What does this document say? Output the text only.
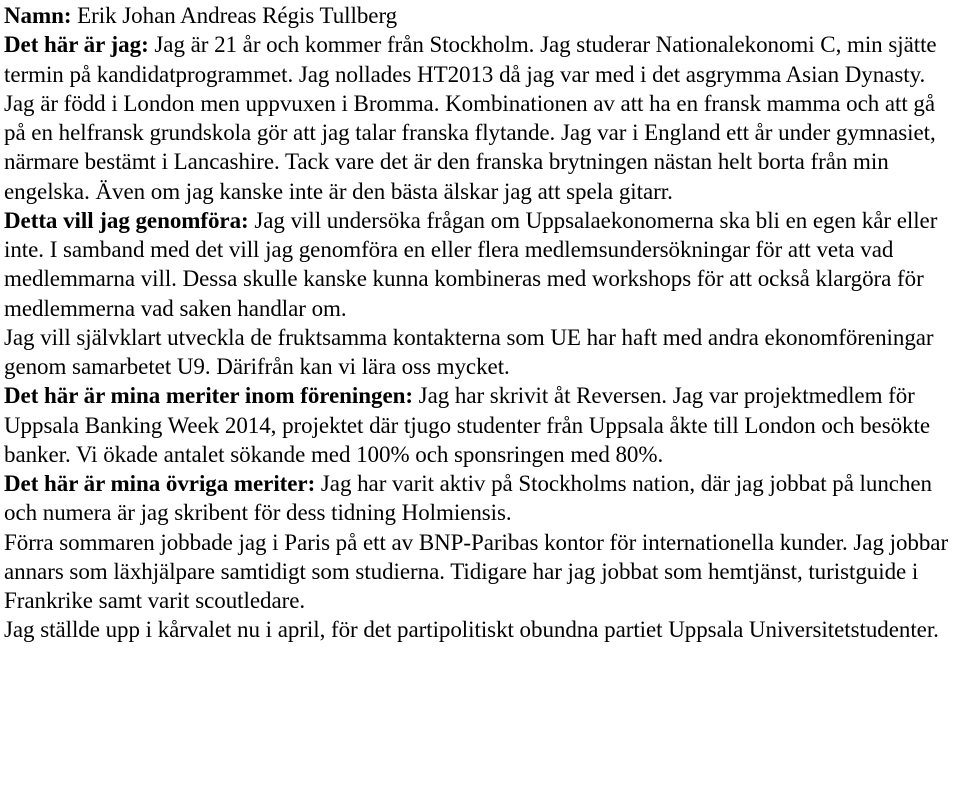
Namn: Erik Johan Andreas Régis Tullberg

Det här är jag: Jag är 21 år och kommer från Stockholm. Jag studerar Nationalekonomi C, min sjätte termin på kandidatprogrammet. Jag nollades HT2013 då jag var med i det asgrymma Asian Dynasty. Jag är född i London men uppvuxen i Bromma. Kombinationen av att ha en fransk mamma och att gå på en helfransk grundskola gör att jag talar franska flytande. Jag var i England ett år under gymnasiet, närmare bestämt i Lancashire. Tack vare det är den franska brytningen nästan helt borta från min engelska. Även om jag kanske inte är den bästa älskar jag att spela gitarr.

Detta vill jag genomföra: Jag vill undersöka frågan om Uppsalaekonomerna ska bli en egen kår eller inte. I samband med det vill jag genomföra en eller flera medlemsundersökningar för att veta vad medlemmarna vill. Dessa skulle kanske kunna kombineras med workshops för att också klargöra för medlemmerna vad saken handlar om.

Jag vill självklart utveckla de fruktsamma kontakterna som UE har haft med andra ekonomföreningar genom samarbetet U9. Därifrån kan vi lära oss mycket.

Det här är mina meriter inom föreningen: Jag har skrivit åt Reversen. Jag var projektmedlem för Uppsala Banking Week 2014, projektet där tjugo studenter från Uppsala åkte till London och besökte banker. Vi ökade antalet sökande med 100% och sponsringen med 80%.

Det här är mina övriga meriter: Jag har varit aktiv på Stockholms nation, där jag jobbat på lunchen och numera är jag skribent för dess tidning Holmiensis.

Förra sommaren jobbade jag i Paris på ett av BNP-Paribas kontor för internationella kunder. Jag jobbar annars som läxhjälpare samtidigt som studierna. Tidigare har jag jobbat som hemtjänst, turistguide i Frankrike samt varit scoutledare.

Jag ställde upp i kårvalet nu i april, för det partipolitiskt obundna partiet Uppsala Universitetstudenter.
